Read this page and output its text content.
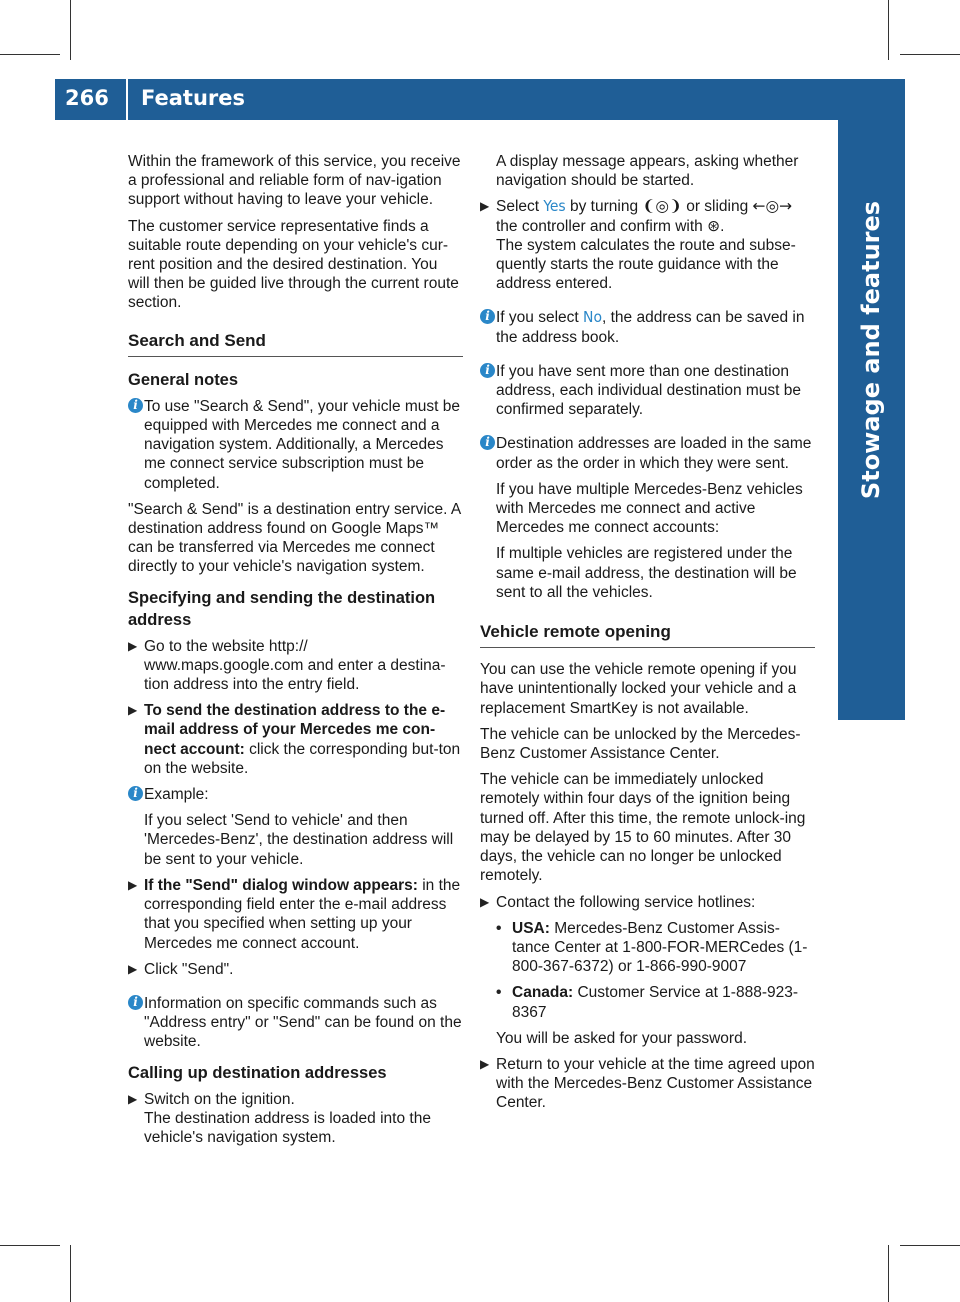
266 Features
Stowage and features

Within the framework of this service, you receive a professional and reliable form of nav-igation support without having to leave your vehicle.

The customer service representative finds a suitable route depending on your vehicle's cur-rent position and the desired destination. You will then be guided live through the current route section.

Search and Send
General notes
i To use "Search & Send", your vehicle must be equipped with Mercedes me connect and a navigation system. Additionally, a Mercedes me connect service subscription must be completed.

"Search & Send" is a destination entry service. A destination address found on Google Maps™ can be transferred via Mercedes me connect directly to your vehicle's navigation system.

Specifying and sending the destination address
▶ Go to the website http:// www.maps.google.com and enter a destina-tion address into the entry field.
▶ To send the destination address to the e-mail address of your Mercedes me con-nect account: click the corresponding but-ton on the website.
i Example:

If you select 'Send to vehicle' and then 'Mercedes-Benz', the destination address will be sent to your vehicle.

▶ If the "Send" dialog window appears: in the corresponding field enter the e-mail address that you specified when setting up your Mercedes me connect account.
▶ Click "Send".
i Information on specific commands such as "Address entry" or "Send" can be found on the website.
Calling up destination addresses
▶ Switch on the ignition.
The destination address is loaded into the vehicle's navigation system.

A display message appears, asking whether navigation should be started.

▶ Select Yes by turning ❨◎❩ or sliding ←◎→ the controller and confirm with ⊛.
The system calculates the route and subse-quently starts the route guidance with the address entered.
i If you select No, the address can be saved in the address book.
i If you have sent more than one destination address, each individual destination must be confirmed separately.
i Destination addresses are loaded in the same order as the order in which they were sent.

If you have multiple Mercedes-Benz vehicles with Mercedes me connect and active Mercedes me connect accounts:

If multiple vehicles are registered under the same e-mail address, the destination will be sent to all the vehicles.

Vehicle remote opening

You can use the vehicle remote opening if you have unintentionally locked your vehicle and a replacement SmartKey is not available.

The vehicle can be unlocked by the Mercedes-Benz Customer Assistance Center.

The vehicle can be immediately unlocked remotely within four days of the ignition being turned off. After this time, the remote unlock-ing may be delayed by 15 to 60 minutes. After 30 days, the vehicle can no longer be unlocked remotely.

▶ Contact the following service hotlines:
• USA: Mercedes-Benz Customer Assis-tance Center at 1-800-FOR-MERCedes (1-800-367-6372) or 1-866-990-9007
• Canada: Customer Service at 1-888-923-8367

You will be asked for your password.

▶ Return to your vehicle at the time agreed upon with the Mercedes-Benz Customer Assistance Center.
